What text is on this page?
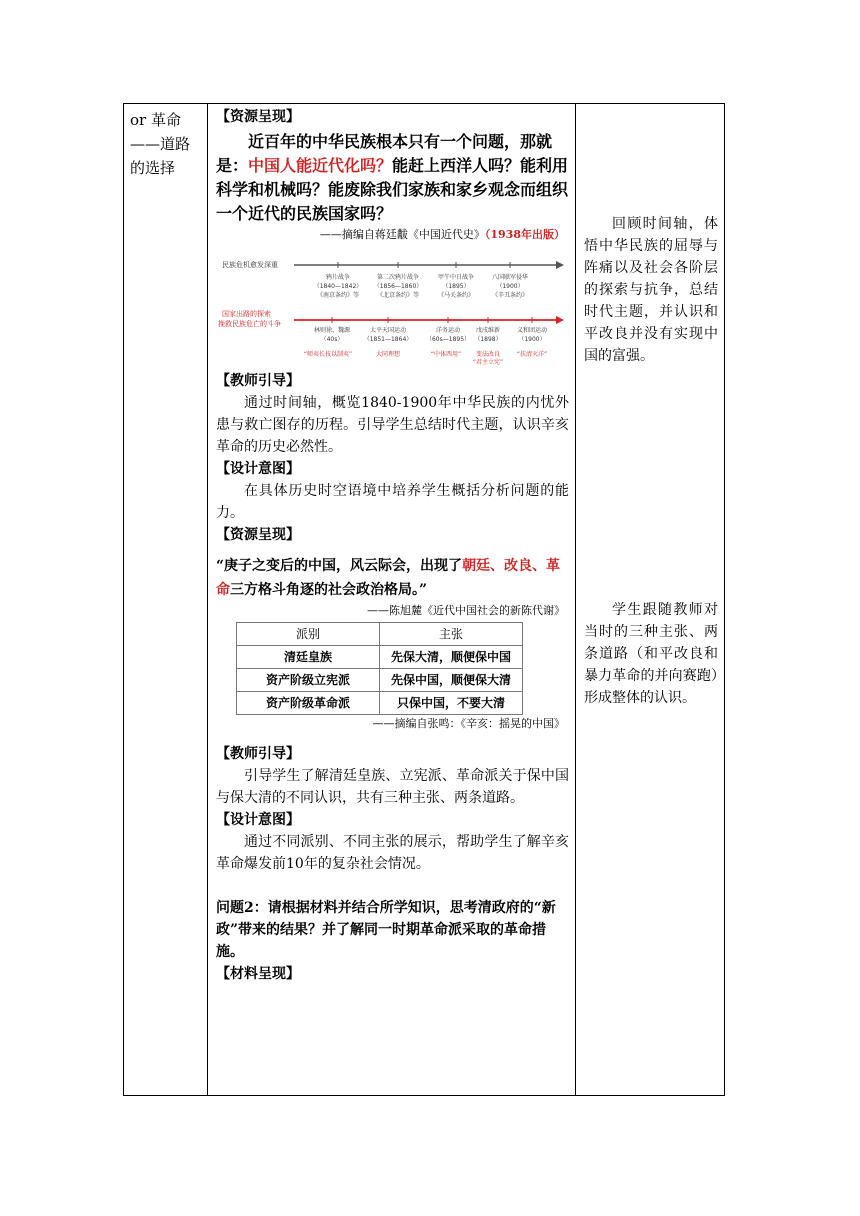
or 革命——道路的选择

【资源呈现】
近百年的中华民族根本只有一个问题，那就是：中国人能近代化吗？能赶上西洋人吗？能利用科学和机械吗？能废除我们家族和家乡观念而组织一个近代的民族国家吗？
——摘编自蒋廷黻《中国近代史》（1938年出版）
民族危机愈发深重
鸦片战争
（1840—1842）
《南京条约》等
第二次鸦片战争
（1856—1860）
《北京条约》等
甲午中日战争
（1895）
《马关条约》
八国联军侵华
（1900）
《辛丑条约》
国家出路的探索
挽救民族危亡的斗争
林则徐、魏源
（40s）
“师夷长技以制夷”
太平天国运动
（1851—1864）
大同理想
洋务运动
（60s—1895）
“中体西用”
戊戌维新
（1898）
变法改良
“君主立宪”
义和团运动
（1900）
“扶清灭洋”
【教师引导】
通过时间轴，概览1840-1900年中华民族的内忧外患与救亡图存的历程。引导学生总结时代主题，认识辛亥革命的历史必然性。
【设计意图】
在具体历史时空语境中培养学生概括分析问题的能力。
【资源呈现】
“庚子之变后的中国，风云际会，出现了朝廷、改良、革命三方格斗角逐的社会政治格局。”
——陈旭麓《近代中国社会的新陈代谢》
派别	主张
清廷皇族	先保大清，顺便保中国
资产阶级立宪派	先保中国，顺便保大清
资产阶级革命派	只保中国，不要大清
——摘编自张鸣：《辛亥：摇晃的中国》
【教师引导】
引导学生了解清廷皇族、立宪派、革命派关于保中国与保大清的不同认识，共有三种主张、两条道路。
【设计意图】
通过不同派别、不同主张的展示，帮助学生了解辛亥革命爆发前10年的复杂社会情况。
问题2：请根据材料并结合所学知识，思考清政府的“新政”带来的结果？并了解同一时期革命派采取的革命措施。
【材料呈现】

回顾时间轴，体悟中华民族的屈辱与阵痛以及社会各阶层的探索与抗争，总结时代主题，并认识和平改良并没有实现中国的富强。
学生跟随教师对当时的三种主张、两条道路（和平改良和暴力革命的并向赛跑）形成整体的认识。
